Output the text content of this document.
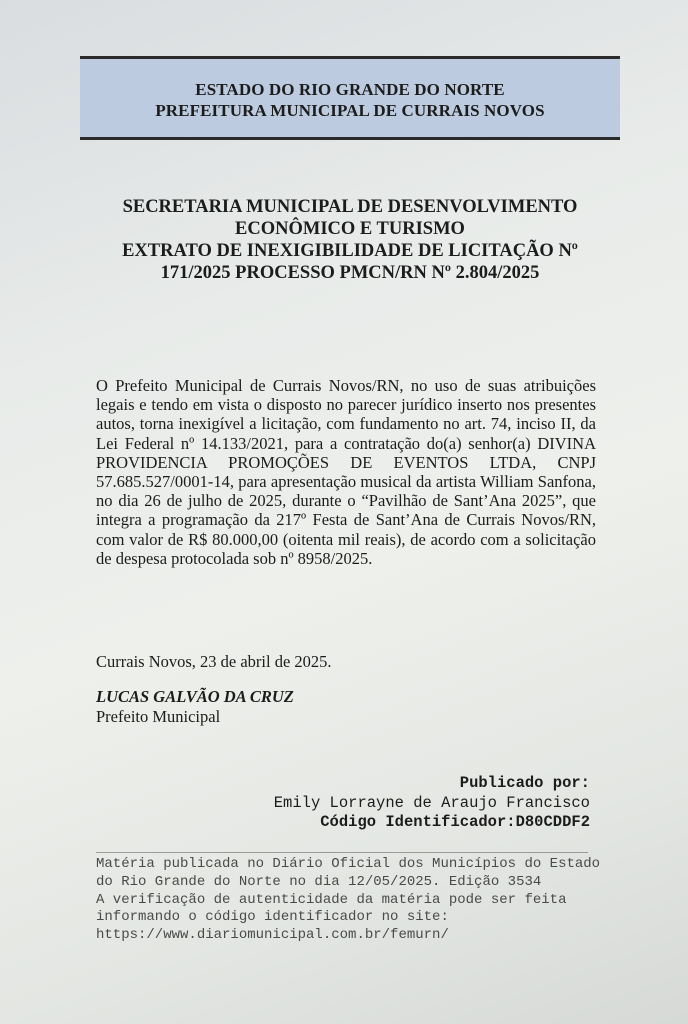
ESTADO DO RIO GRANDE DO NORTE
PREFEITURA MUNICIPAL DE CURRAIS NOVOS
SECRETARIA MUNICIPAL DE DESENVOLVIMENTO
ECONÔMICO E TURISMO
EXTRATO DE INEXIGIBILIDADE DE LICITAÇÃO Nº
171/2025 PROCESSO PMCN/RN Nº 2.804/2025
O Prefeito Municipal de Currais Novos/RN, no uso de suas atribuições legais e tendo em vista o disposto no parecer jurídico inserto nos presentes autos, torna inexigível a licitação, com fundamento no art. 74, inciso II, da Lei Federal nº 14.133/2021, para a contratação do(a) senhor(a) DIVINA PROVIDENCIA PROMOÇÕES DE EVENTOS LTDA, CNPJ 57.685.527/0001-14, para apresentação musical da artista William Sanfona, no dia 26 de julho de 2025, durante o “Pavilhão de Sant’Ana 2025”, que integra a programação da 217º Festa de Sant’Ana de Currais Novos/RN, com valor de R$ 80.000,00 (oitenta mil reais), de acordo com a solicitação de despesa protocolada sob nº 8958/2025.
Currais Novos, 23 de abril de 2025.
LUCAS GALVÃO DA CRUZ
Prefeito Municipal
Publicado por:
Emily Lorrayne de Araujo Francisco
Código Identificador:D80CDDF2
Matéria publicada no Diário Oficial dos Municípios do Estado
do Rio Grande do Norte no dia 12/05/2025. Edição 3534
A verificação de autenticidade da matéria pode ser feita
informando o código identificador no site:
https://www.diariomunicipal.com.br/femurn/
